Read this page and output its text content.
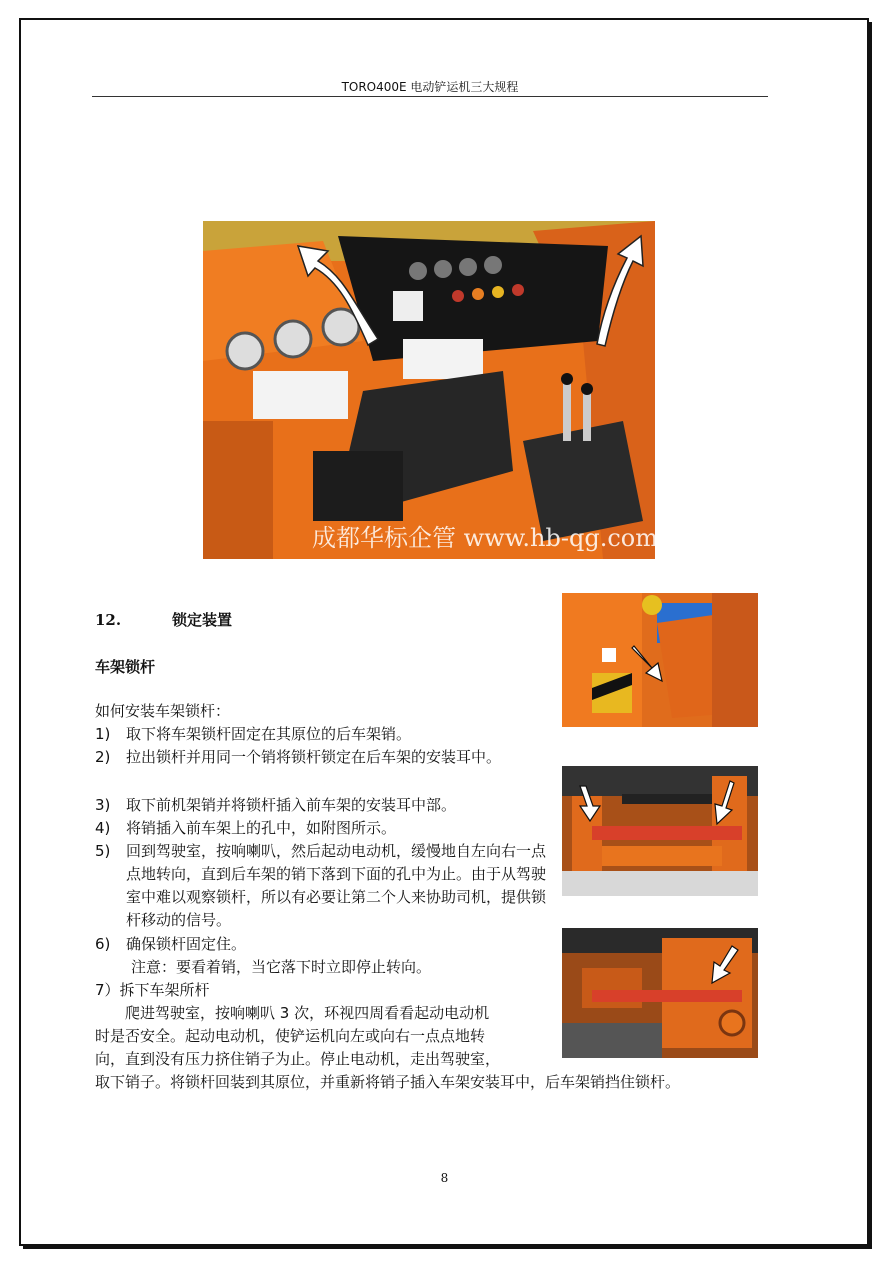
TORO400E 电动铲运机三大规程
成都华标企管 www.hb-qg.com
12.	锁定装置
车架锁杆
如何安装车架锁杆：
1) 取下将车架锁杆固定在其原位的后车架销。
2) 拉出锁杆并用同一个销将锁杆锁定在后车架的安装耳中。
3) 取下前机架销并将锁杆插入前车架的安装耳中部。
4) 将销插入前车架上的孔中，如附图所示。
5) 回到驾驶室，按响喇叭，然后起动电动机，缓慢地自左向右一点点地转向，直到后车架的销下落到下面的孔中为止。由于从驾驶室中难以观察锁杆，所以有必要让第二个人来协助司机，提供锁杆移动的信号。
6) 确保锁杆固定住。
注意：要看着销，当它落下时立即停止转向。
7）拆下车架所杆
爬进驾驶室，按响喇叭 3 次，环视四周看看起动电动机
时是否安全。起动电动机，使铲运机向左或向右一点点地转
向，直到没有压力挤住销子为止。停止电动机，走出驾驶室，
取下销子。将锁杆回装到其原位，并重新将销子插入车架安装耳中，后车架销挡住锁杆。
8
